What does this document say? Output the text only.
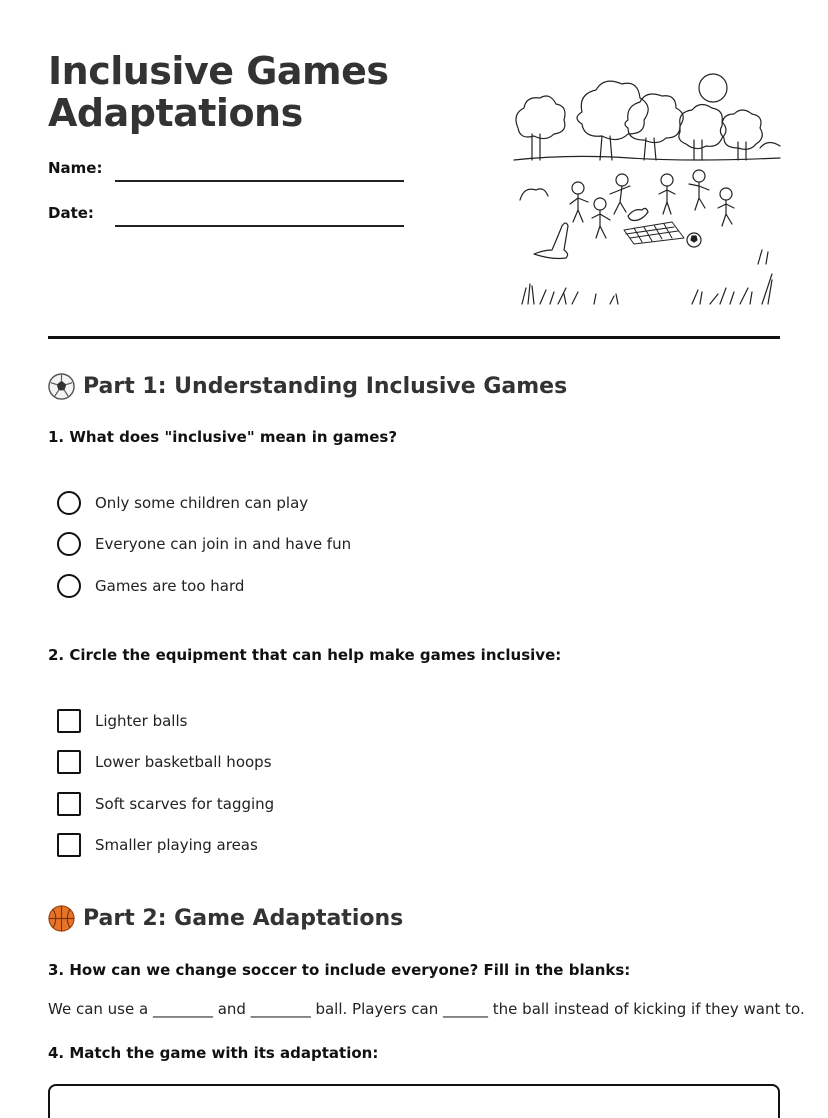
Inclusive Games
Adaptations
Name:
Date:
Part 1: Understanding Inclusive Games
1. What does "inclusive" mean in games?
Only some children can play
Everyone can join in and have fun
Games are too hard
2. Circle the equipment that can help make games inclusive:
Lighter balls
Lower basketball hoops
Soft scarves for tagging
Smaller playing areas
Part 2: Game Adaptations
3. How can we change soccer to include everyone? Fill in the blanks:
We can use a ________ and ________ ball. Players can ______ the ball instead of kicking if they want to.
4. Match the game with its adaptation:
